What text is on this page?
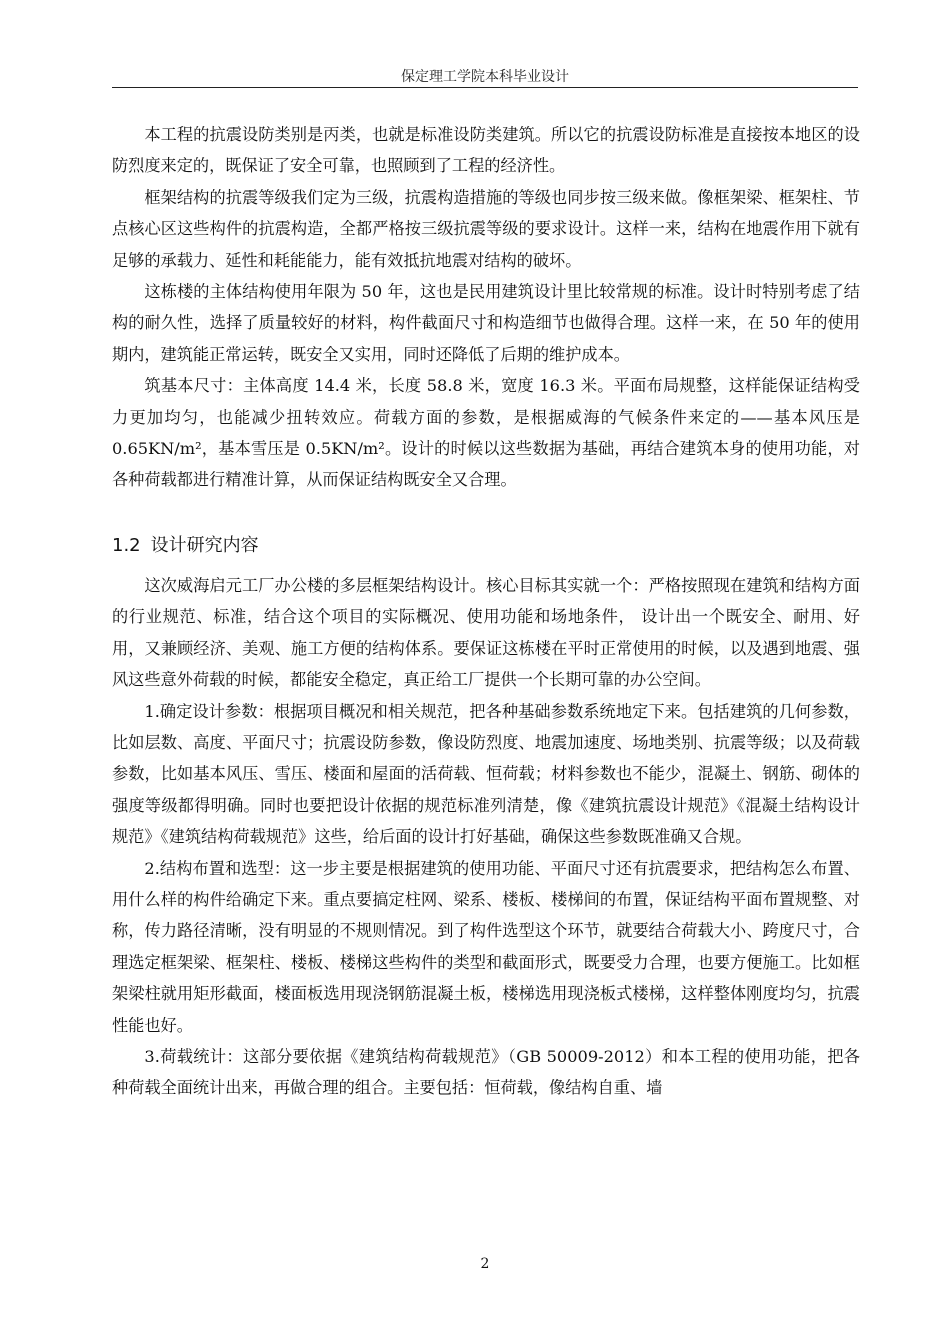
保定理工学院本科毕业设计

本工程的抗震设防类别是丙类，也就是标准设防类建筑。所以它的抗震设防标准是直接按本地区的设防烈度来定的，既保证了安全可靠，也照顾到了工程的经济性。

框架结构的抗震等级我们定为三级，抗震构造措施的等级也同步按三级来做。像框架梁、框架柱、节点核心区这些构件的抗震构造，全都严格按三级抗震等级的要求设计。这样一来，结构在地震作用下就有足够的承载力、延性和耗能能力，能有效抵抗地震对结构的破坏。

这栋楼的主体结构使用年限为 50 年，这也是民用建筑设计里比较常规的标准。设计时特别考虑了结构的耐久性，选择了质量较好的材料，构件截面尺寸和构造细节也做得合理。这样一来，在 50 年的使用期内，建筑能正常运转，既安全又实用，同时还降低了后期的维护成本。

筑基本尺寸：主体高度 14.4 米，长度 58.8 米，宽度 16.3 米。平面布局规整，这样能保证结构受力更加均匀，也能减少扭转效应。荷载方面的参数，是根据威海的气候条件来定的——基本风压是 0.65KN/m²，基本雪压是 0.5KN/m²。设计的时候以这些数据为基础，再结合建筑本身的使用功能，对各种荷载都进行精准计算，从而保证结构既安全又合理。

1.2 设计研究内容

这次威海启元工厂办公楼的多层框架结构设计。核心目标其实就一个：严格按照现在建筑和结构方面的行业规范、标准，结合这个项目的实际概况、使用功能和场地条件， 设计出一个既安全、耐用、好用，又兼顾经济、美观、施工方便的结构体系。要保证这栋楼在平时正常使用的时候，以及遇到地震、强风这些意外荷载的时候，都能安全稳定，真正给工厂提供一个长期可靠的办公空间。

1.确定设计参数：根据项目概况和相关规范，把各种基础参数系统地定下来。包括建筑的几何参数，比如层数、高度、平面尺寸；抗震设防参数，像设防烈度、地震加速度、场地类别、抗震等级；以及荷载参数，比如基本风压、雪压、楼面和屋面的活荷载、恒荷载；材料参数也不能少，混凝土、钢筋、砌体的强度等级都得明确。同时也要把设计依据的规范标准列清楚，像《建筑抗震设计规范》《混凝土结构设计规范》《建筑结构荷载规范》这些，给后面的设计打好基础，确保这些参数既准确又合规。

2.结构布置和选型：这一步主要是根据建筑的使用功能、平面尺寸还有抗震要求，把结构怎么布置、用什么样的构件给确定下来。重点要搞定柱网、梁系、楼板、楼梯间的布置，保证结构平面布置规整、对称，传力路径清晰，没有明显的不规则情况。到了构件选型这个环节，就要结合荷载大小、跨度尺寸，合理选定框架梁、框架柱、楼板、楼梯这些构件的类型和截面形式，既要受力合理，也要方便施工。比如框架梁柱就用矩形截面，楼面板选用现浇钢筋混凝土板，楼梯选用现浇板式楼梯，这样整体刚度均匀，抗震性能也好。

3.荷载统计：这部分要依据《建筑结构荷载规范》（GB 50009-2012）和本工程的使用功能，把各种荷载全面统计出来，再做合理的组合。主要包括：恒荷载，像结构自重、墙

2
